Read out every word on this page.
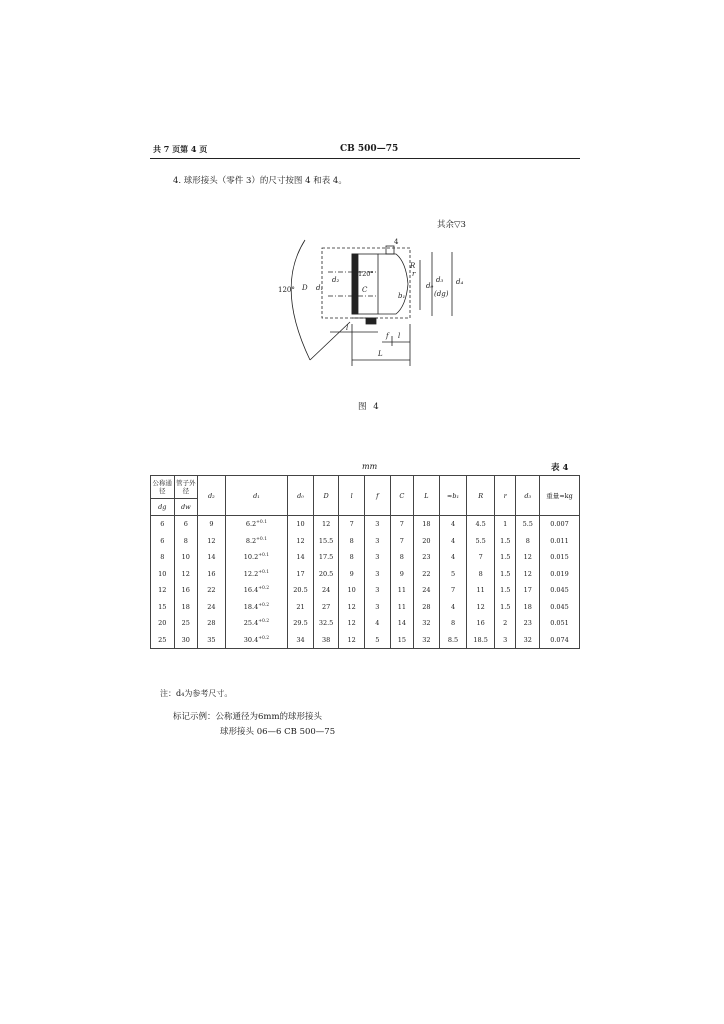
共 7 页第 4 页	CB 500—75
4. 球形接头（零件 3）的尺寸按图 4 和表 4。
其余▽3
120°
120°
D d₁
d₂
C
b₁
R
r
d₀
d₃
(dg)
d₄
l
f l
L
4
图 4
mm	表 4
公称通径	管子外径	d₂	d₁	d₀	D	l	f	C	L	≈b₁	R	r	d₃	重量≈kg
dg	dw													
6	6	9	$6.2^{+0.1}$	10	12	7	3	7	18	4	4.5	1	5.5	0.007
6	8	12	$8.2^{+0.1}$	12	15.5	8	3	7	20	4	5.5	1.5	8	0.011
8	10	14	$10.2^{+0.1}$	14	17.5	8	3	8	23	4	7	1.5	12	0.015
10	12	16	$12.2^{+0.1}$	17	20.5	9	3	9	22	5	8	1.5	12	0.019
12	16	22	$16.4^{+0.2}$	20.5	24	10	3	11	24	7	11	1.5	17	0.045
15	18	24	$18.4^{+0.2}$	21	27	12	3	11	28	4	12	1.5	18	0.045
20	25	28	$25.4^{+0.2}$	29.5	32.5	12	4	14	32	8	16	2	23	0.051
25	30	35	$30.4^{+0.2}$	34	38	12	5	15	32	8.5	18.5	3	32	0.074
注：d₄为参考尺寸。
标记示例：公称通径为6mm的球形接头
球形接头 06—6 CB 500—75
